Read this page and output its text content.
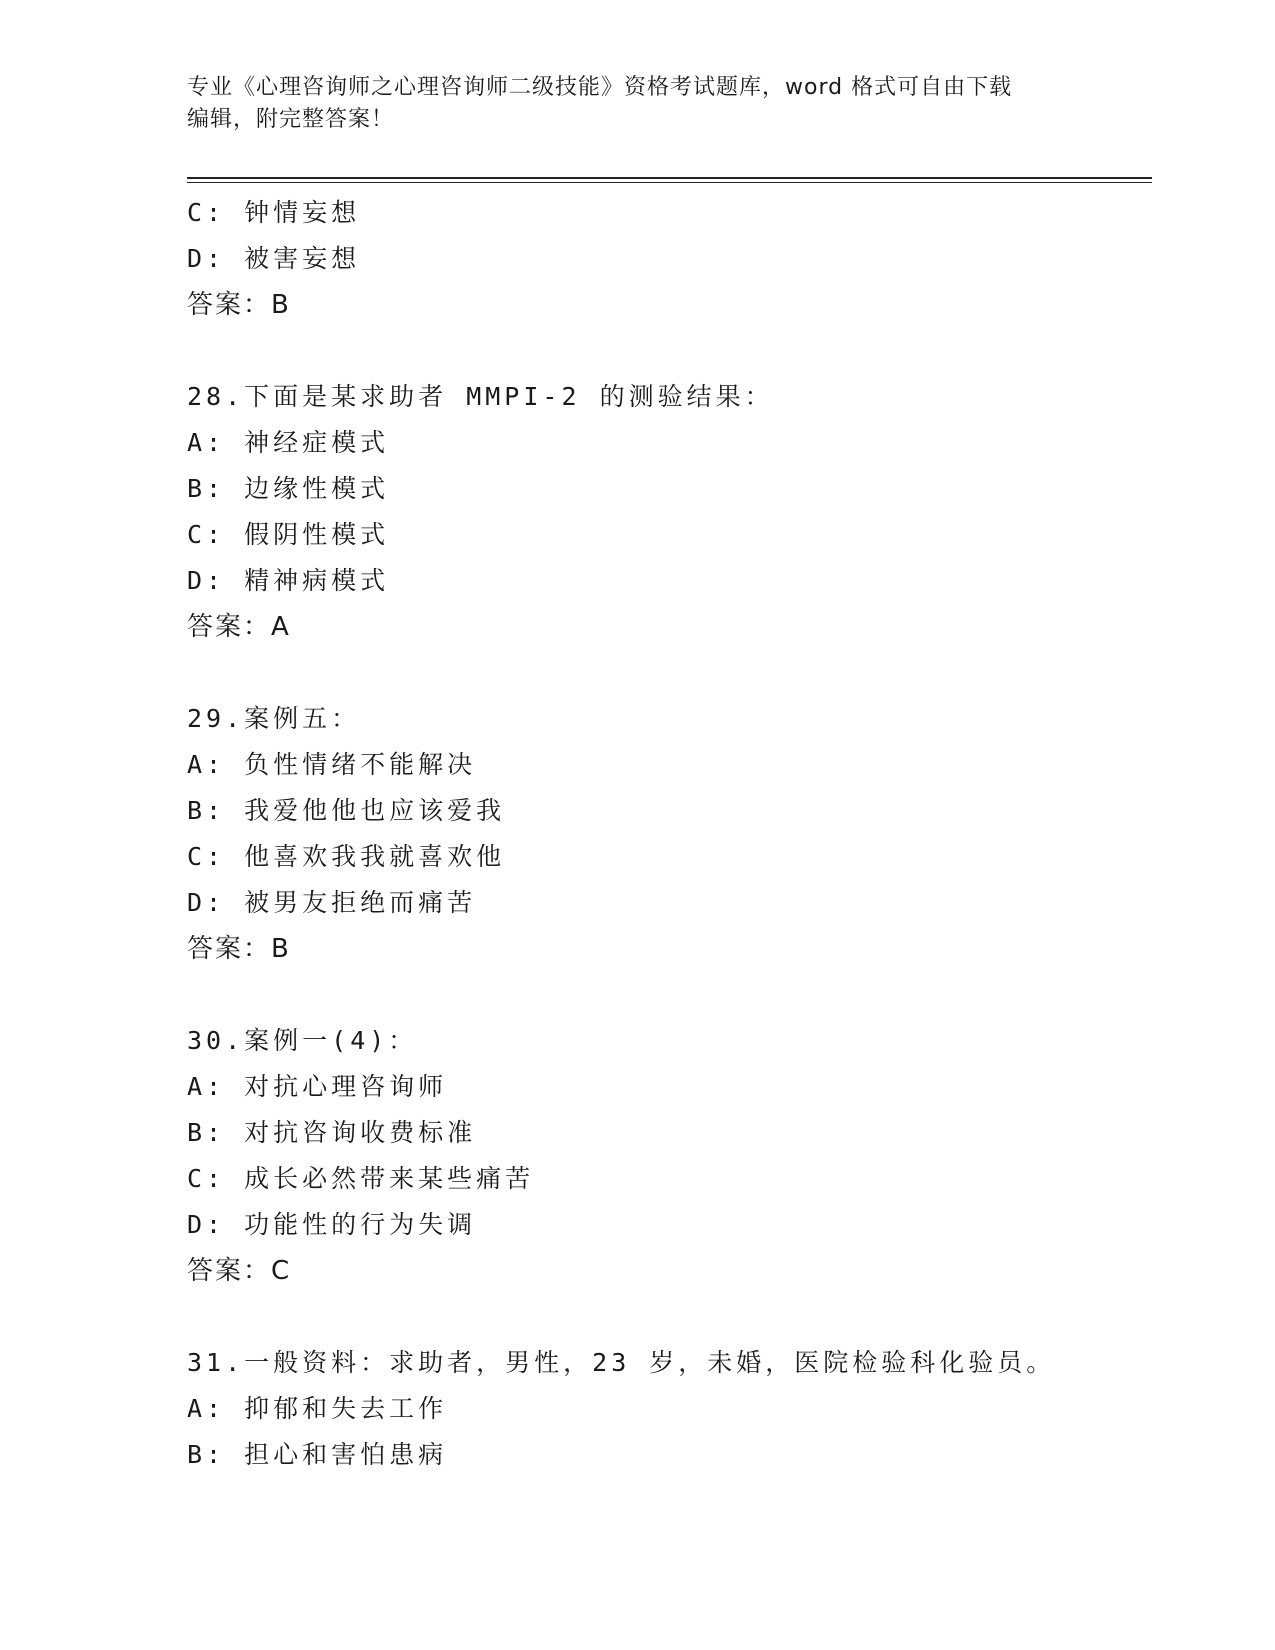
专业《心理咨询师之心理咨询师二级技能》资格考试题库，word 格式可自由下载
编辑，附完整答案！
C: 钟情妄想
D: 被害妄想
答案：B
28.下面是某求助者 MMPI-2 的测验结果：
A: 神经症模式
B: 边缘性模式
C: 假阴性模式
D: 精神病模式
答案：A
29.案例五：
A: 负性情绪不能解决
B: 我爱他他也应该爱我
C: 他喜欢我我就喜欢他
D: 被男友拒绝而痛苦
答案：B
30.案例一(4)：
A: 对抗心理咨询师
B: 对抗咨询收费标准
C: 成长必然带来某些痛苦
D: 功能性的行为失调
答案：C
31.一般资料：求助者，男性，23 岁，未婚，医院检验科化验员。
A: 抑郁和失去工作
B: 担心和害怕患病
